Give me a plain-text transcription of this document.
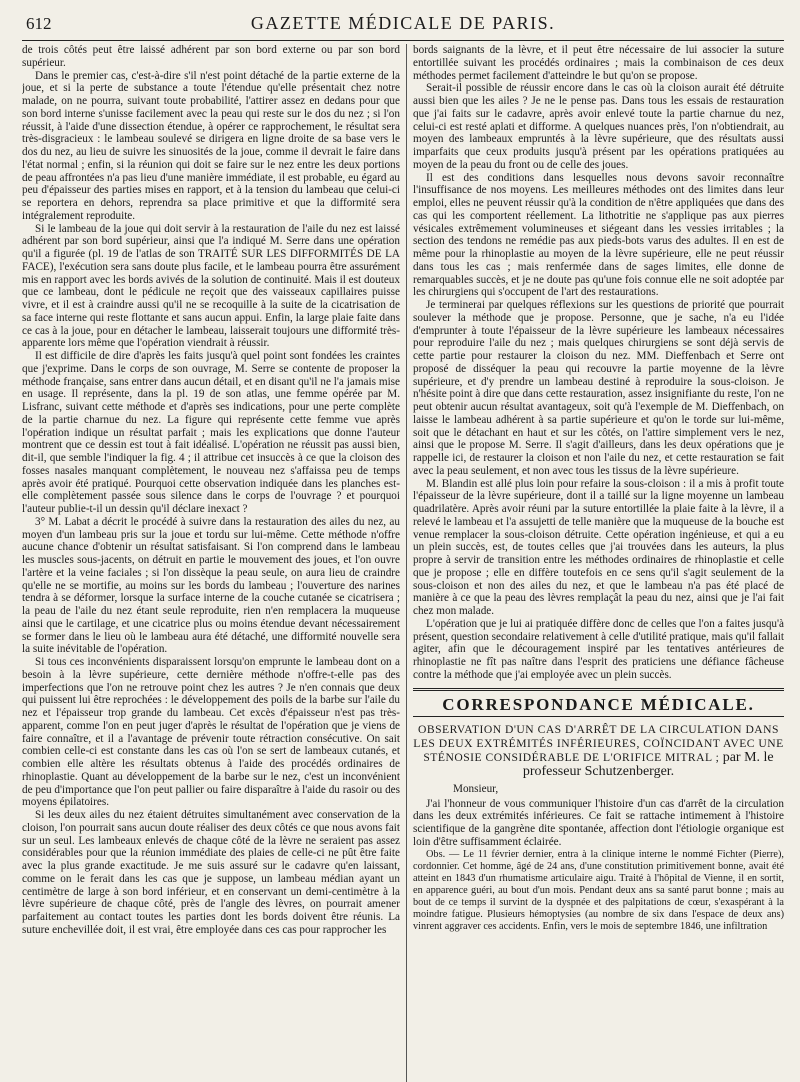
612	GAZETTE MÉDICALE DE PARIS.

de trois côtés peut être laissé adhérent par son bord externe ou par son bord supérieur.

Dans le premier cas, c'est-à-dire s'il n'est point détaché de la partie externe de la joue, et si la perte de substance a toute l'étendue qu'elle présentait chez notre malade, on ne pourra, suivant toute probabilité, l'attirer assez en dedans pour que son bord interne s'unisse facilement avec la peau qui reste sur le dos du nez ; si l'on réussit, à l'aide d'une dissection étendue, à opérer ce rapprochement, le résultat sera très-disgracieux : le lambeau soulevé se dirigera en ligne droite de sa base vers le dos du nez, au lieu de suivre les sinuosités de la joue, comme il devrait le faire dans l'état normal ; enfin, si la réunion qui doit se faire sur le nez entre les deux portions de peau affrontées n'a pas lieu d'une manière immédiate, il est probable, eu égard au peu d'épaisseur des parties mises en rapport, et à la tension du lambeau que celui-ci se reportera en dehors, reprendra sa place primitive et que la difformité sera intégralement reproduite.

Si le lambeau de la joue qui doit servir à la restauration de l'aile du nez est laissé adhérent par son bord supérieur, ainsi que l'a indiqué M. Serre dans une opération qu'il a figurée (pl. 19 de l'atlas de son TRAITÉ SUR LES DIFFORMITÉS DE LA FACE), l'exécution sera sans doute plus facile, et le lambeau pourra être assurément mis en rapport avec les bords avivés de la solution de continuité. Mais il est douteux que ce lambeau, dont le pédicule ne reçoit que des vaisseaux capillaires puisse vivre, et il est à craindre aussi qu'il ne se recoquille à la suite de la cicatrisation de sa face interne qui reste flottante et sans aucun appui. Enfin, la large plaie faite dans ce cas à la joue, pour en détacher le lambeau, laisserait toujours une difformité très-apparente lors même que l'opération viendrait à réussir.

Il est difficile de dire d'après les faits jusqu'à quel point sont fondées les craintes que j'exprime. Dans le corps de son ouvrage, M. Serre se contente de proposer la méthode française, sans entrer dans aucun détail, et en disant qu'il ne l'a jamais mise en usage. Il représente, dans la pl. 19 de son atlas, une femme opérée par M. Lisfranc, suivant cette méthode et d'après ses indications, pour une perte complète de la partie charnue du nez. La figure qui représente cette femme vue après l'opération indique un résultat parfait ; mais les explications que donne l'auteur montrent que ce dessin est tout à fait idéalisé. L'opération ne réussit pas aussi bien, dit-il, que semble l'indiquer la fig. 4 ; il attribue cet insuccès à ce que la cloison des fosses nasales manquant complètement, le nouveau nez s'affaissa peu de temps après avoir été pratiqué. Pourquoi cette observation indiquée dans les planches est-elle complètement passée sous silence dans le corps de l'ouvrage ? et pourquoi l'auteur publie-t-il un dessin qu'il déclare inexact ?

3° M. Labat a décrit le procédé à suivre dans la restauration des ailes du nez, au moyen d'un lambeau pris sur la joue et tordu sur lui-même. Cette méthode n'offre aucune chance d'obtenir un résultat satisfaisant. Si l'on comprend dans le lambeau les muscles sous-jacents, on détruit en partie le mouvement des joues, et l'on ouvre l'artère et la veine faciales ; si l'on dissèque la peau seule, on aura lieu de craindre qu'elle ne se mortifie, au moins sur les bords du lambeau ; l'ouverture des narines tendra à se déformer, lorsque la surface interne de la couche cutanée se cicatrisera ; la peau de l'aile du nez étant seule reproduite, rien n'en remplacera la muqueuse ainsi que le cartilage, et une cicatrice plus ou moins étendue devant nécessairement se former dans le lieu où le lambeau aura été détaché, une difformité nouvelle sera la suite inévitable de l'opération.

Si tous ces inconvénients disparaissent lorsqu'on emprunte le lambeau dont on a besoin à la lèvre supérieure, cette dernière méthode n'offre-t-elle pas des imperfections que l'on ne retrouve point chez les autres ? Je n'en connais que deux qui puissent lui être reprochées : le développement des poils de la barbe sur l'aile du nez et l'épaisseur trop grande du lambeau. Cet excès d'épaisseur n'est pas très-apparent, comme l'on en peut juger d'après le résultat de l'opération que je viens de faire connaître, et il a l'avantage de prévenir toute rétraction consécutive. On sait combien celle-ci est constante dans les cas où l'on se sert de lambeaux cutanés, et combien elle altère les résultats obtenus à l'aide des procédés ordinaires de rhinoplastie. Quant au développement de la barbe sur le nez, c'est un inconvénient de peu d'importance que l'on peut pallier ou faire disparaître à l'aide du rasoir ou des moyens épilatoires.

Si les deux ailes du nez étaient détruites simultanément avec conservation de la cloison, l'on pourrait sans aucun doute réaliser des deux côtés ce que nous avons fait sur un seul. Les lambeaux enlevés de chaque côté de la lèvre ne seraient pas assez considérables pour que la réunion immédiate des plaies de celle-ci ne pût être faite avec la plus grande exactitude. Je me suis assuré sur le cadavre qu'en laissant, comme on le ferait dans les cas que je suppose, un lambeau médian ayant un centimètre de large à son bord inférieur, et en conservant un demi-centimètre à la lèvre supérieure de chaque côté, près de l'angle des lèvres, on pourrait amener parfaitement au contact toutes les parties dont les bords doivent être réunis. La suture enchevillée doit, il est vrai, être employée dans ces cas pour rapprocher les

bords saignants de la lèvre, et il peut être nécessaire de lui associer la suture entortillée suivant les procédés ordinaires ; mais la combinaison de ces deux méthodes permet facilement d'atteindre le but qu'on se propose.

Serait-il possible de réussir encore dans le cas où la cloison aurait été détruite aussi bien que les ailes ? Je ne le pense pas. Dans tous les essais de restauration que j'ai faits sur le cadavre, après avoir enlevé toute la partie charnue du nez, celui-ci est resté aplati et difforme. A quelques nuances près, l'on n'obtiendrait, au moyen des lambeaux empruntés à la lèvre supérieure, que des résultats aussi imparfaits que ceux produits jusqu'à présent par les opérations pratiquées au moyen de la peau du front ou de celle des joues.

Il est des conditions dans lesquelles nous devons savoir reconnaître l'insuffisance de nos moyens. Les meilleures méthodes ont des limites dans leur emploi, elles ne peuvent réussir qu'à la condition de n'être appliquées que dans des cas qui les comportent réellement. La lithotritie ne s'applique pas aux pierres vésicales extrêmement volumineuses et siégeant dans les vessies irritables ; la section des tendons ne remédie pas aux pieds-bots varus des adultes. Il en est de même pour la rhinoplastie au moyen de la lèvre supérieure, elle ne peut réussir dans tous les cas ; mais renfermée dans de sages limites, elle donne de remarquables succès, et je ne doute pas qu'une fois connue elle ne soit adoptée par les chirurgiens qui s'occupent de l'art des restaurations.

Je terminerai par quelques réflexions sur les questions de priorité que pourrait soulever la méthode que je propose. Personne, que je sache, n'a eu l'idée d'emprunter à toute l'épaisseur de la lèvre supérieure les lambeaux nécessaires pour reproduire l'aile du nez ; mais quelques chirurgiens se sont déjà servis de cette partie pour restaurer la cloison du nez. MM. Dieffenbach et Serre ont proposé de disséquer la peau qui recouvre la partie moyenne de la lèvre supérieure, et d'y prendre un lambeau destiné à reproduire la sous-cloison. Je n'hésite point à dire que dans cette restauration, assez insignifiante du reste, l'on ne peut obtenir aucun résultat avantageux, soit qu'à l'exemple de M. Dieffenbach, on laisse le lambeau adhérent à sa partie supérieure et qu'on le torde sur lui-même, soit que le détachant en haut et sur les côtés, on l'attire simplement vers le nez, ainsi que le propose M. Serre. Il s'agit d'ailleurs, dans les deux opérations que je rappelle ici, de restaurer la cloison et non l'aile du nez, et cette restauration se fait avec la peau seulement, et non avec tous les tissus de la lèvre supérieure.

M. Blandin est allé plus loin pour refaire la sous-cloison : il a mis à profit toute l'épaisseur de la lèvre supérieure, dont il a taillé sur la ligne moyenne un lambeau quadrilatère. Après avoir réuni par la suture entortillée la plaie faite à la lèvre, il a relevé le lambeau et l'a assujetti de telle manière que la muqueuse de la bouche est venue remplacer la sous-cloison détruite. Cette opération ingénieuse, et qui a eu un plein succès, est, de toutes celles que j'ai trouvées dans les auteurs, la plus propre à servir de transition entre les méthodes ordinaires de rhinoplastie et celle que je propose ; elle en diffère toutefois en ce sens qu'il s'agit seulement de la sous-cloison et non des ailes du nez, et que le lambeau n'a pas été placé de manière à ce que la peau des lèvres remplaçât la peau du nez, ainsi que je l'ai fait chez mon malade.

L'opération que je lui ai pratiquée diffère donc de celles que l'on a faites jusqu'à présent, question secondaire relativement à celle d'utilité pratique, mais qu'il fallait agiter, afin que le découragement inspiré par les tentatives antérieures de rhinoplastie ne fît pas naître dans l'esprit des praticiens une défiance fâcheuse contre la méthode que j'ai employée avec un plein succès.

CORRESPONDANCE MÉDICALE.
OBSERVATION D'UN CAS D'ARRÊT DE LA CIRCULATION DANS LES DEUX EXTRÉMITÉS INFÉRIEURES, COÏNCIDANT AVEC UNE STÉNOSIE CONSIDÉRABLE DE L'ORIFICE MITRAL ; par M. le professeur Schutzenberger.
Monsieur,

J'ai l'honneur de vous communiquer l'histoire d'un cas d'arrêt de la circulation dans les deux extrémités inférieures. Ce fait se rattache intimement à l'histoire scientifique de la gangrène dite spontanée, affection dont l'étiologie organique est loin d'être suffisamment éclairée.

Obs. — Le 11 février dernier, entra à la clinique interne le nommé Fichter (Pierre), cordonnier. Cet homme, âgé de 24 ans, d'une constitution primitivement bonne, avait été atteint en 1843 d'un rhumatisme articulaire aigu. Traité à l'hôpital de Vienne, il en sortit, en apparence guéri, au bout d'un mois. Pendant deux ans sa santé parut bonne ; mais au bout de ce temps il survint de la dyspnée et des palpitations de cœur, s'exaspérant à la moindre fatigue. Plusieurs hémoptysies (au nombre de six dans l'espace de deux ans) vinrent aggraver ces accidents. Enfin, vers le mois de septembre 1846, une infiltration
